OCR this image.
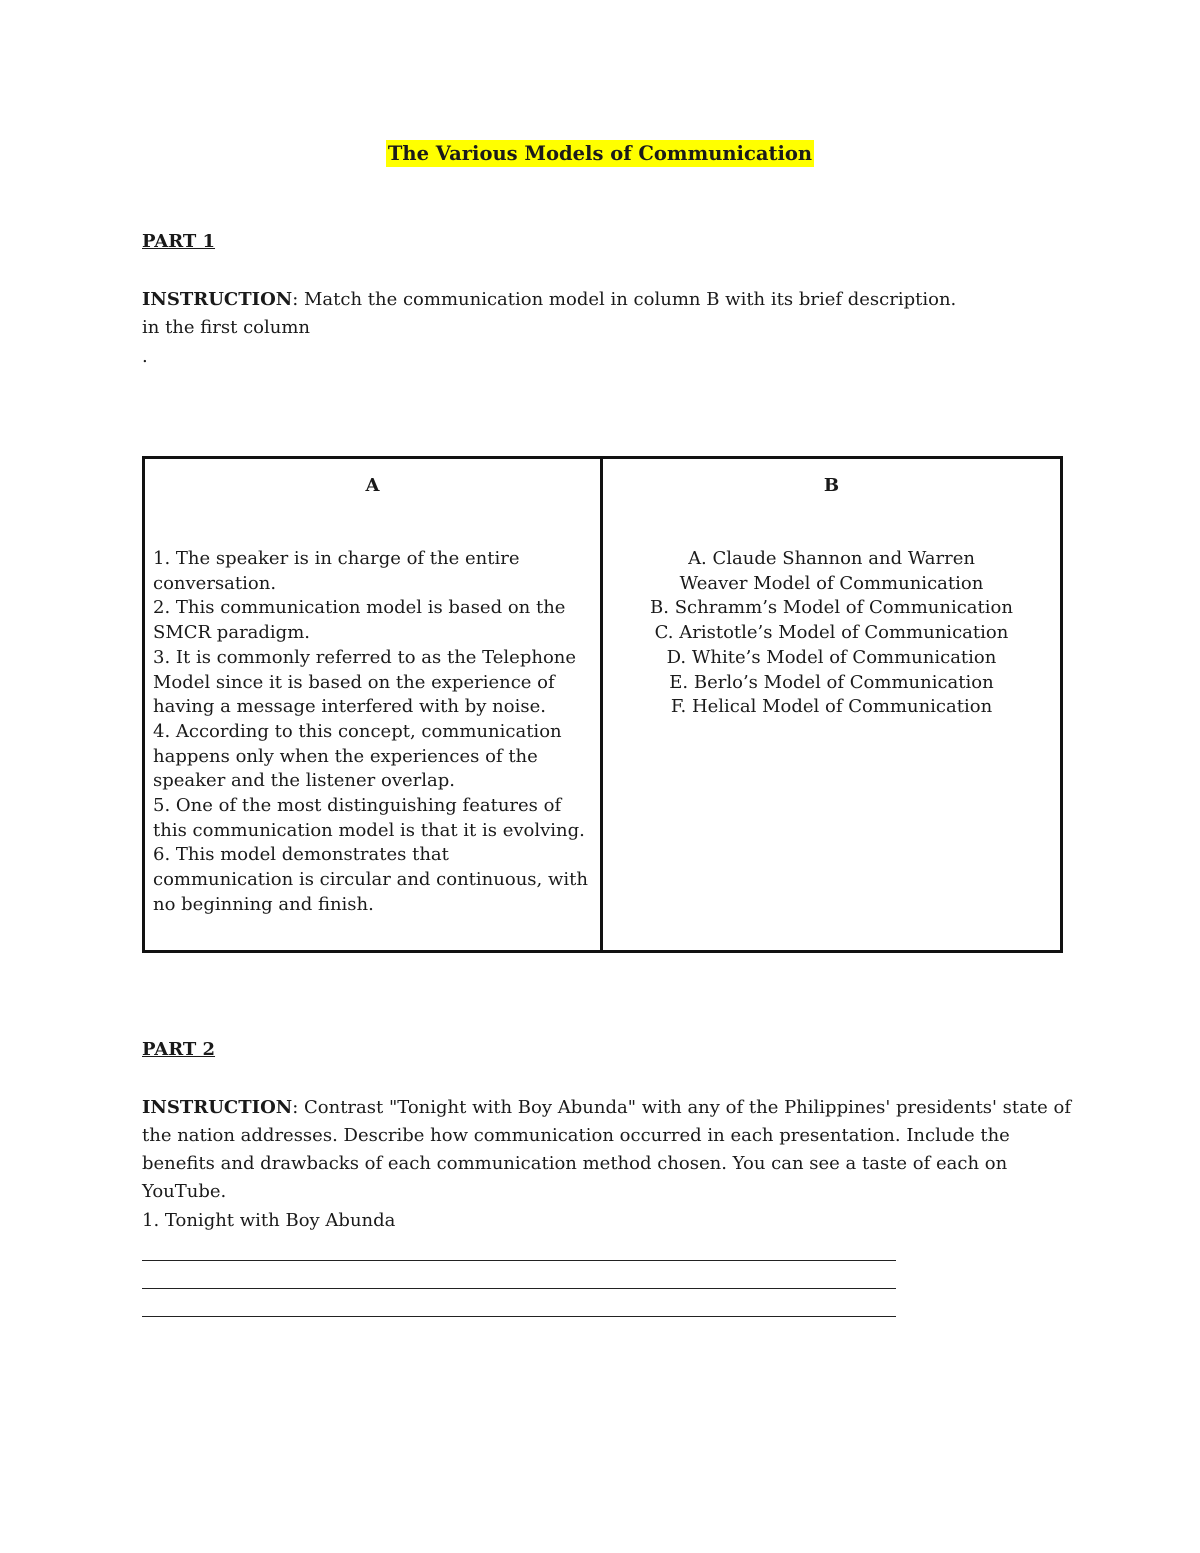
The Various Models of Communication
PART 1
INSTRUCTION: Match the communication model in column B with its brief description.
in the first column
.
A
1. The speaker is in charge of the entire conversation.
2. This communication model is based on the SMCR paradigm.
3. It is commonly referred to as the Telephone Model since it is based on the experience of having a message interfered with by noise.
4. According to this concept, communication happens only when the experiences of the speaker and the listener overlap.
5. One of the most distinguishing features of this communication model is that it is evolving.
6. This model demonstrates that communication is circular and continuous, with no beginning and finish.
B
A. Claude Shannon and Warren
Weaver Model of Communication
B. Schramm’s Model of Communication
C. Aristotle’s Model of Communication
D. White’s Model of Communication
E. Berlo’s Model of Communication
F. Helical Model of Communication
PART 2
INSTRUCTION: Contrast "Tonight with Boy Abunda" with any of the Philippines' presidents' state of the nation addresses. Describe how communication occurred in each presentation. Include the benefits and drawbacks of each communication method chosen. You can see a taste of each on YouTube.
1. Tonight with Boy Abunda
